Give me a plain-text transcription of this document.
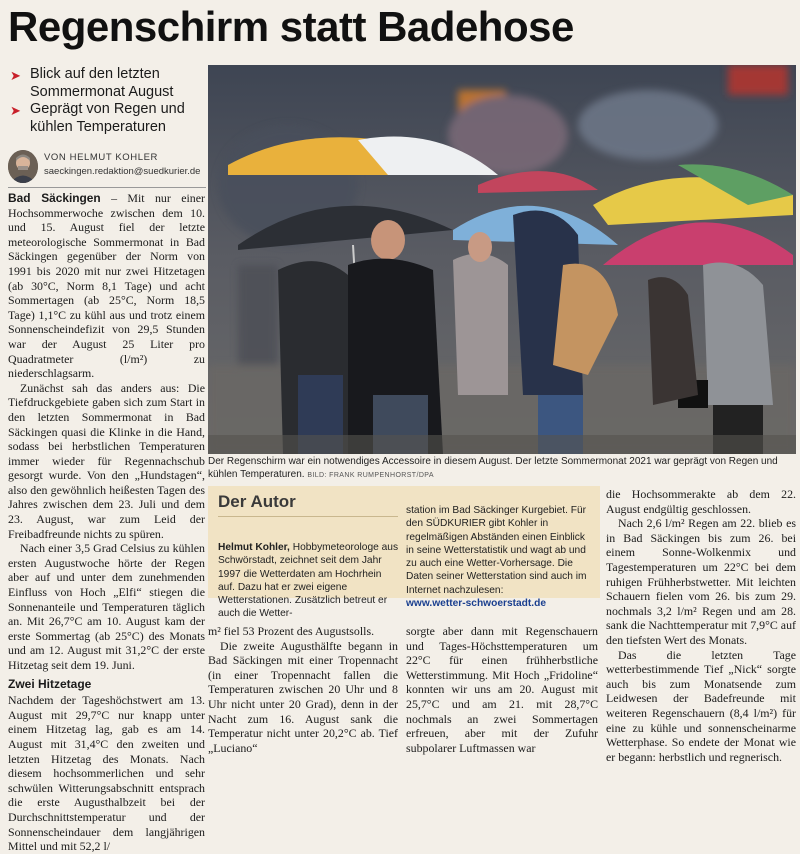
Regenschirm statt Badehose
➤ Blick auf den letzten Sommermonat August
➤ Geprägt von Regen und kühlen Temperaturen
VON HELMUT KOHLER
saeckingen.redaktion@suedkurier.de

Bad Säckingen – Mit nur einer Hochsommerwoche zwischen dem 10. und 15. August fiel der letzte meteorologische Sommermonat in Bad Säckingen gegenüber der Norm von 1991 bis 2020 mit nur zwei Hitzetagen (ab 30°C, Norm 8,1 Tage) und acht Sommertagen (ab 25°C, Norm 18,5 Tage) 1,1°C zu kühl aus und trotz einem Sonnenscheindefizit von 29,5 Stunden war der August 25 Liter pro Quadratmeter (l/m²) zu niederschlagsarm.

Zunächst sah das anders aus: Die Tiefdruckgebiete gaben sich zum Start in den letzten Sommermonat in Bad Säckingen quasi die Klinke in die Hand, sodass bei herbstlichen Temperaturen immer wieder für Regennachschub gesorgt wurde. Von den „Hundstagen“, also den gewöhnlich heißesten Tagen des Jahres zwischen dem 23. Juli und dem 23. August, war zum Leid der Freibadfreunde nichts zu spüren.

Nach einer 3,5 Grad Celsius zu kühlen ersten Augustwoche hörte der Regen aber auf und unter dem zunehmenden Einfluss von Hoch „Elfi“ stiegen die Sonnenanteile und Temperaturen täglich an. Mit 26,7°C am 10. August kam der erste Sommertag (ab 25°C) des Monats und am 12. August mit 31,2°C der erste Hitzetag seit dem 19. Juni.

Zwei Hitzetage

Nachdem der Tageshöchstwert am 13. August mit 29,7°C nur knapp unter einem Hitzetag lag, gab es am 14. August mit 31,4°C den zweiten und letzten Hitzetag des Monats. Nach diesem hochsommerlichen und sehr schwülen Witterungsabschnitt entsprach die erste Augusthalbzeit bei der Durchschnittstemperatur und der Sonnenscheindauer dem langjährigen Mittel und mit 52,2 l/

Der Regenschirm war ein notwendiges Accessoire in diesem August. Der letzte Sommermonat 2021 war geprägt von Regen und kühlen Temperaturen. BILD: FRANK RUMPENHORST/DPA
Der Autor
Helmut Kohler, Hobbymeteorologe aus Schwörstadt, zeichnet seit dem Jahr 1997 die Wetterdaten am Hochrhein auf. Dazu hat er zwei eigene Wetterstationen. Zusätzlich betreut er auch die Wetter-
station im Bad Säckinger Kurgebiet. Für den SÜDKURIER gibt Kohler in regelmäßigen Abständen einen Einblick in seine Wetterstatistik und wagt ab und zu auch eine Wetter-Vorhersage. Die Daten seiner Wetterstation sind auch im Internet nachzulesen:
www.wetter-schwoerstadt.de

m² fiel 53 Prozent des Augustsolls.

Die zweite Augusthälfte begann in Bad Säckingen mit einer Tropennacht (in einer Tropennacht fallen die Temperaturen zwischen 20 Uhr und 8 Uhr nicht unter 20 Grad), denn in der Nacht zum 16. August sank die Temperatur nicht unter 20,2°C ab. Tief „Luciano“

sorgte aber dann mit Regenschauern und Tages-Höchsttemperaturen um 22°C für einen frühherbstliche Wetterstimmung. Mit Hoch „Fridoline“ konnten wir uns am 20. August mit 25,7°C und am 21. mit 28,7°C nochmals an zwei Sommertagen erfreuen, aber mit der Zufuhr subpolarer Luftmassen war

die Hochsommerakte ab dem 22. August endgültig geschlossen.

Nach 2,6 l/m² Regen am 22. blieb es in Bad Säckingen bis zum 26. bei einem Sonne-Wolkenmix und Tagestemperaturen um 22°C bei dem ruhigen Frühherbstwetter. Mit leichten Schauern fielen vom 26. bis zum 29. nochmals 3,2 l/m² Regen und am 28. sank die Nachttemperatur mit 7,9°C auf den tiefsten Wert des Monats.

Das die letzten Tage wetterbestimmende Tief „Nick“ sorgte auch bis zum Monatsende zum Leidwesen der Badefreunde mit weiteren Regenschauern (8,4 l/m²) für eine zu kühle und sonnenscheinarme Wetterphase. So endete der Monat wie er begann: herbstlich und regnerisch.
